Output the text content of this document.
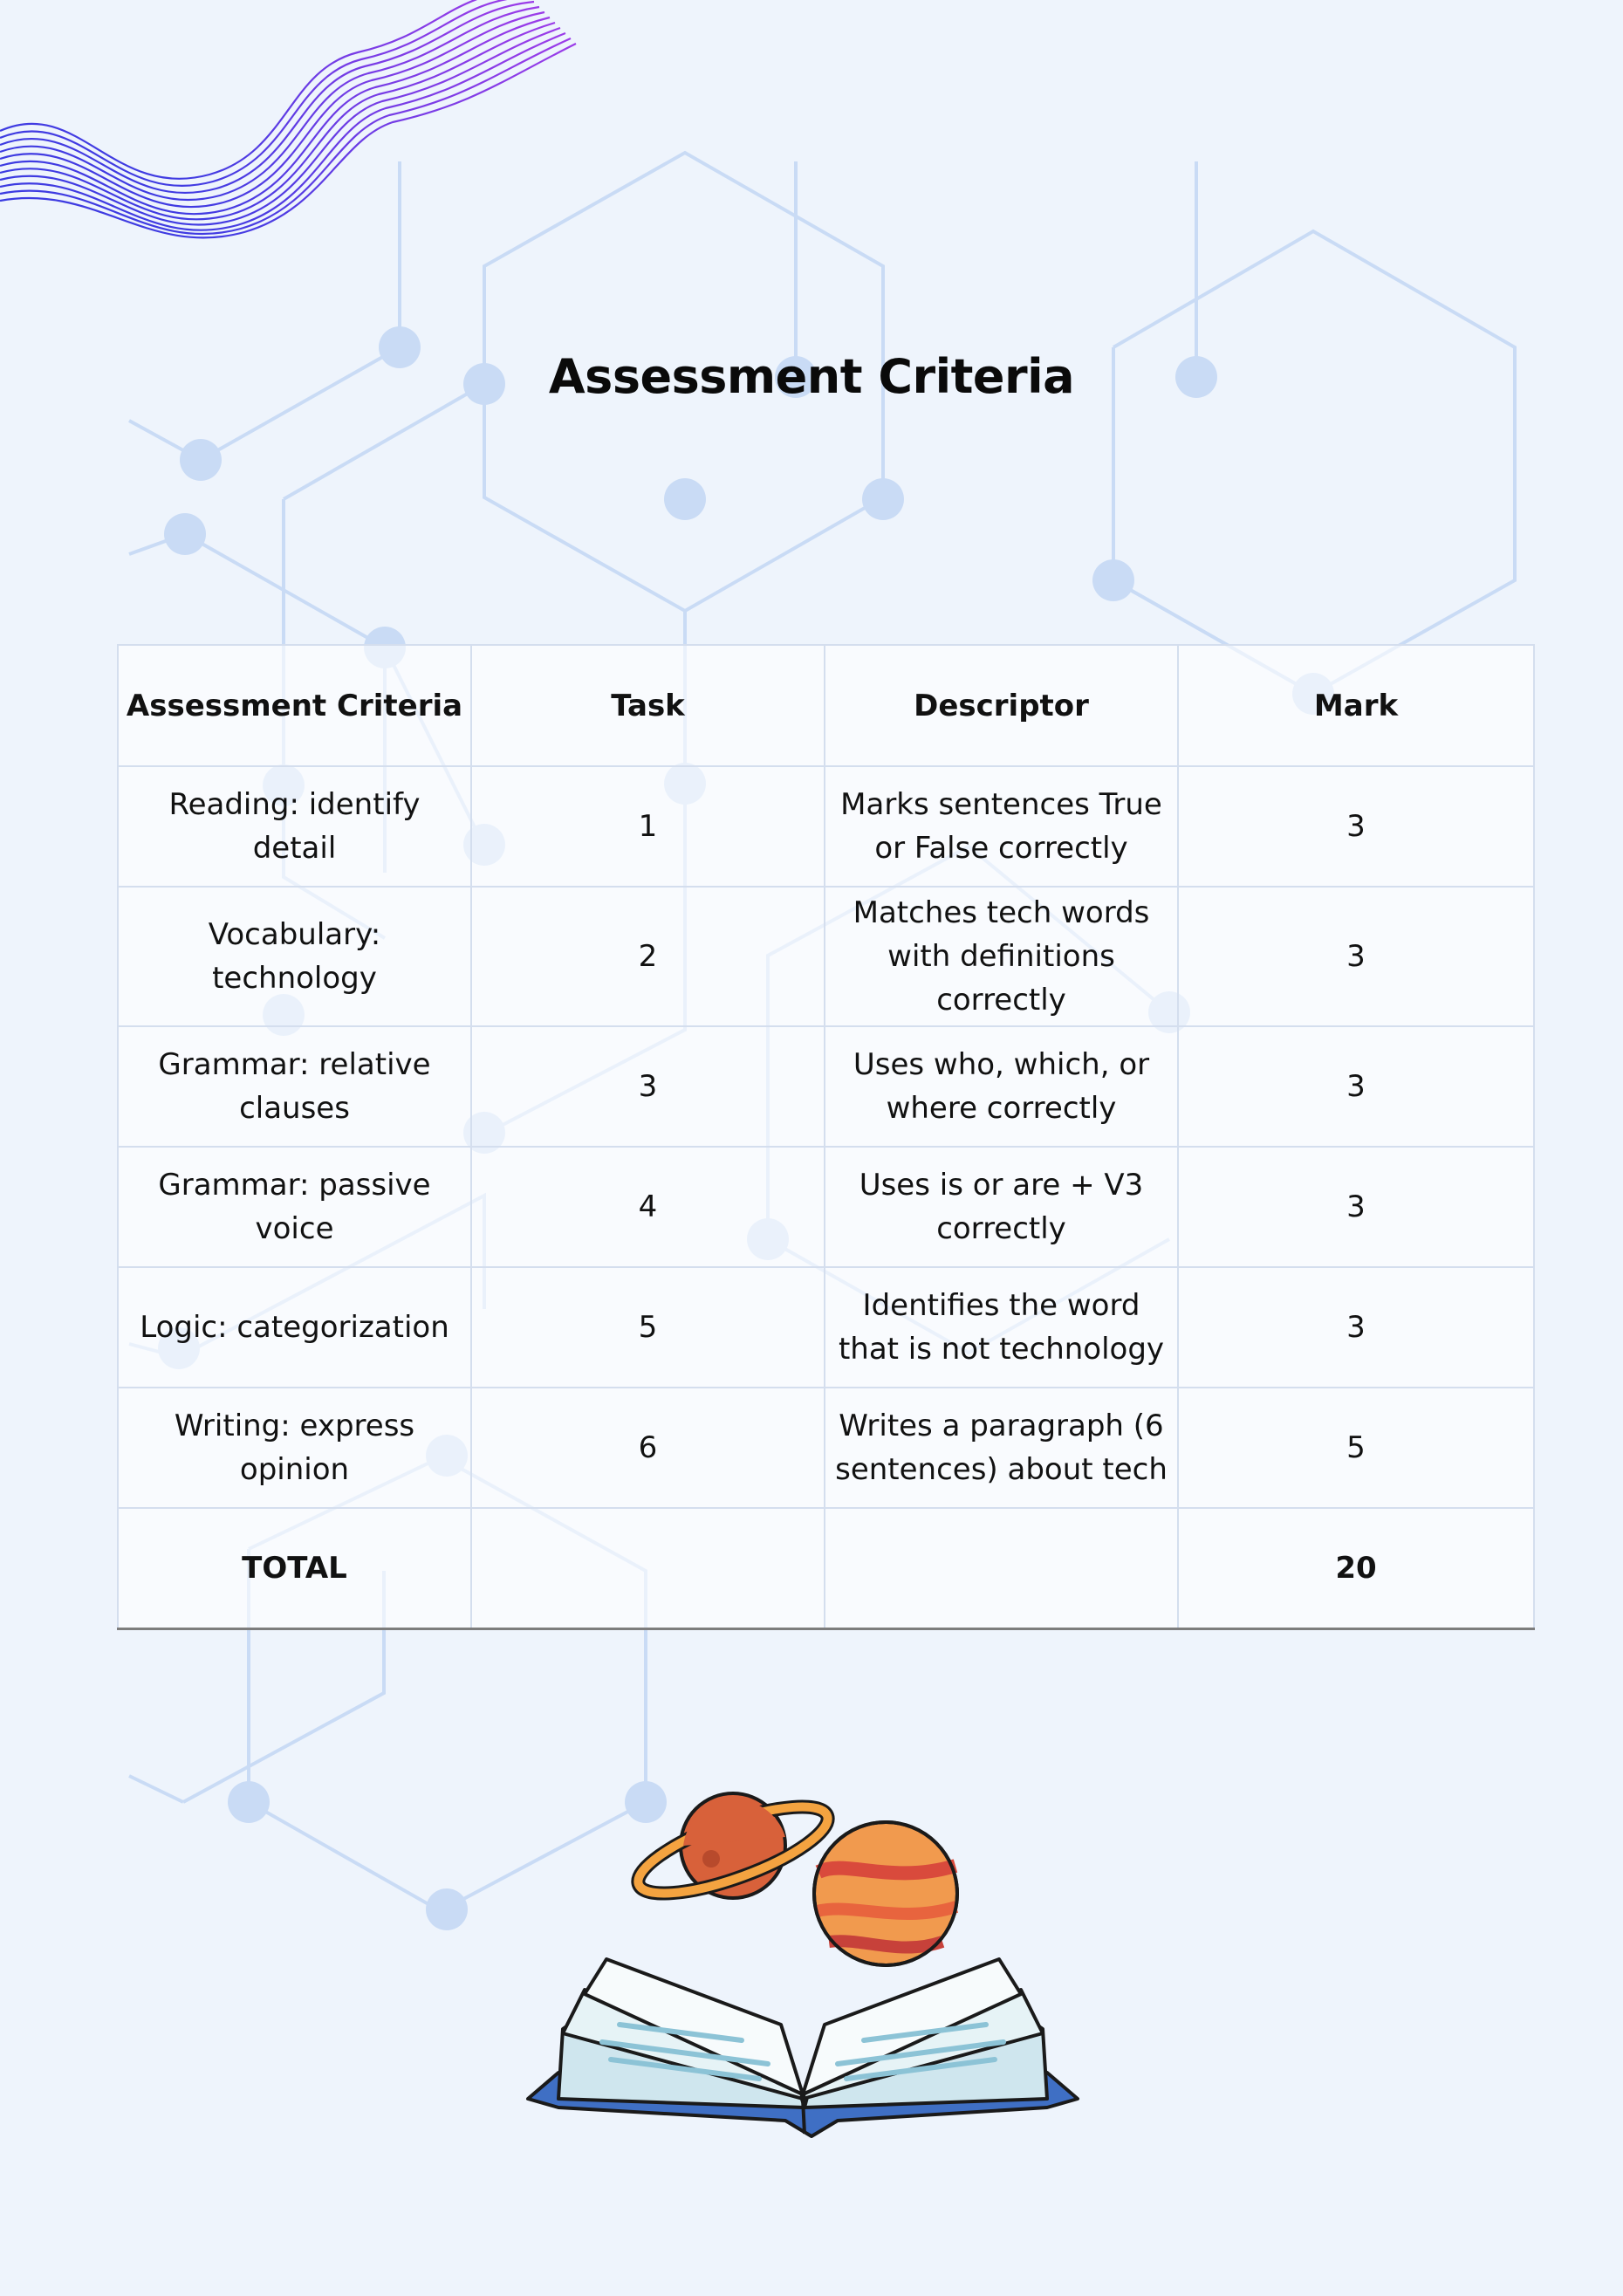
Assessment Criteria
Assessment Criteria	Task	Descriptor	Mark
Reading: identify detail	1	Marks sentences True or False correctly	3
Vocabulary: technology	2	Matches tech words with definitions correctly	3
Grammar: relative clauses	3	Uses who, which, or where correctly	3
Grammar: passive voice	4	Uses is or are + V3 correctly	3
Logic: categorization	5	Identifies the word that is not technology	3
Writing: express opinion	6	Writes a paragraph (6 sentences) about tech	5
TOTAL			20
